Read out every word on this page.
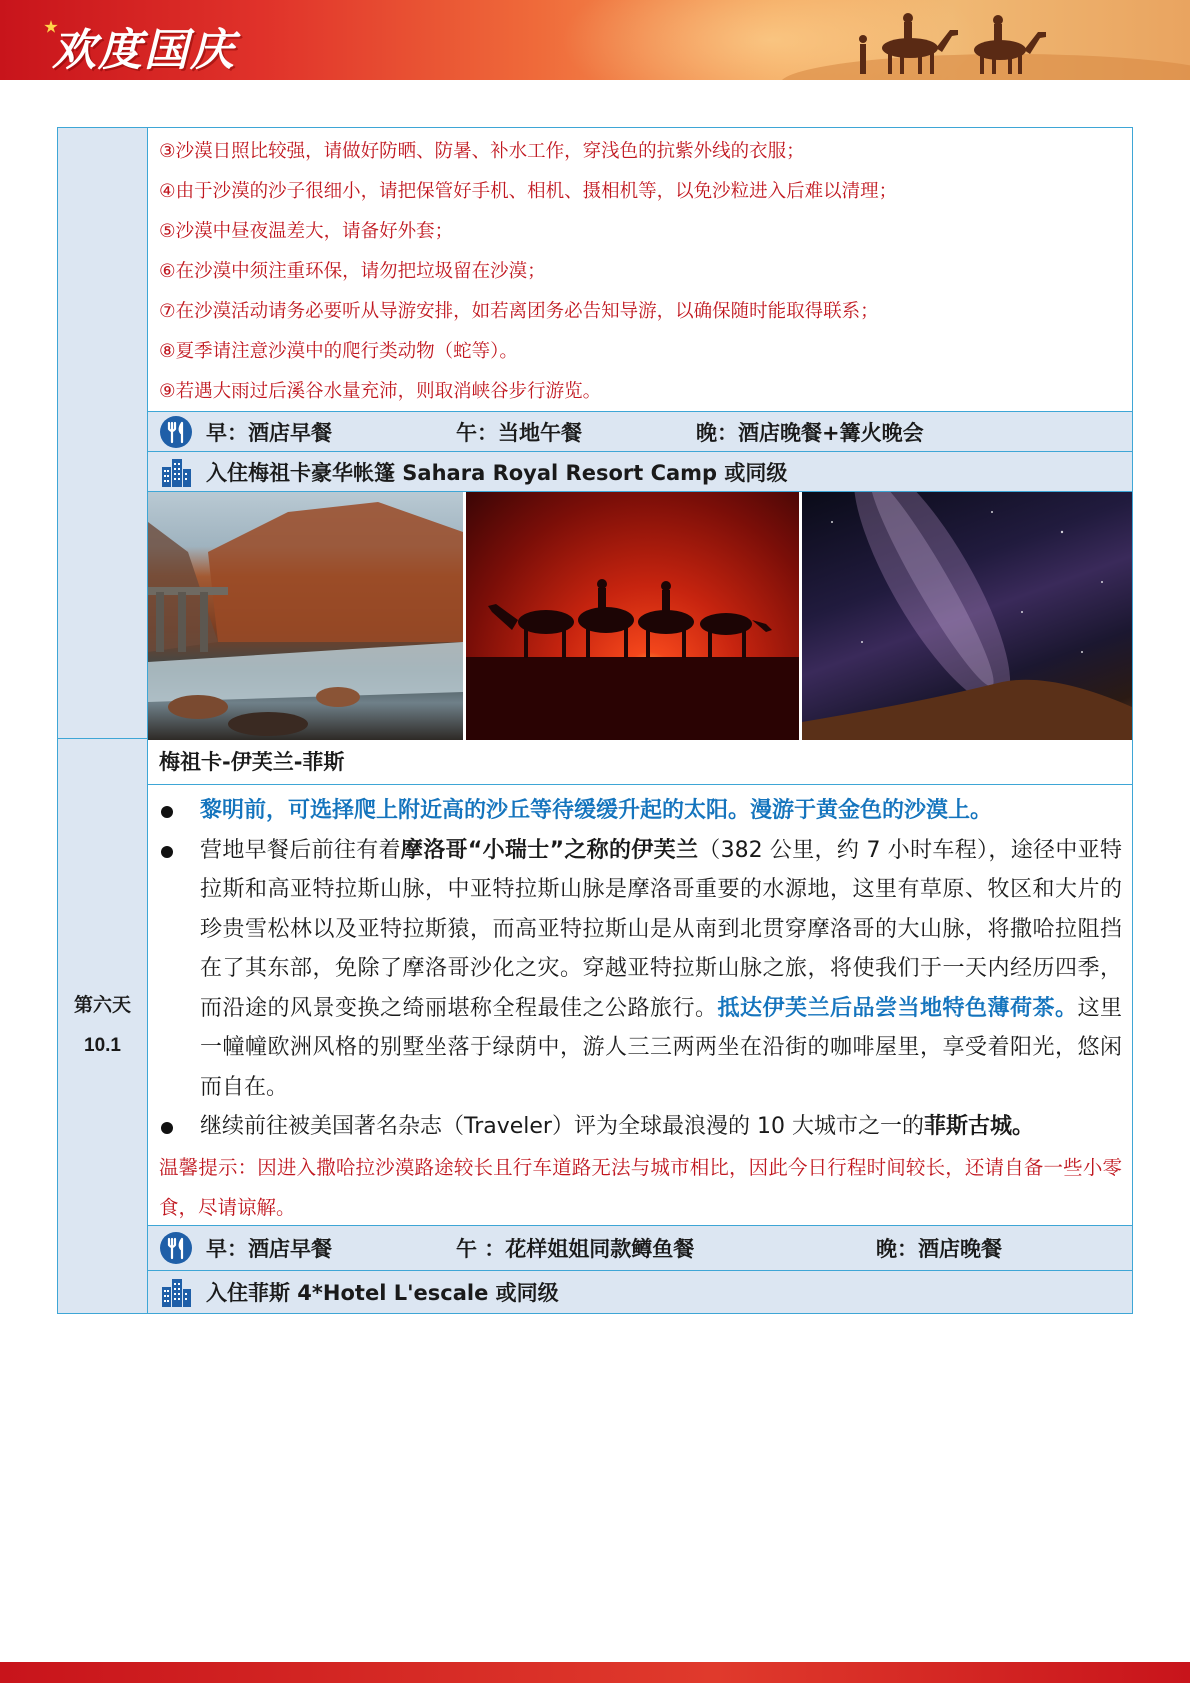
欢度国庆
第六天
10.1
③沙漠日照比较强，请做好防晒、防暑、补水工作，穿浅色的抗紫外线的衣服；
④由于沙漠的沙子很细小，请把保管好手机、相机、摄相机等，以免沙粒进入后难以清理；
⑤沙漠中昼夜温差大，请备好外套；
⑥在沙漠中须注重环保，请勿把垃圾留在沙漠；
⑦在沙漠活动请务必要听从导游安排，如若离团务必告知导游，以确保随时能取得联系；
⑧夏季请注意沙漠中的爬行类动物（蛇等）。
⑨若遇大雨过后溪谷水量充沛，则取消峡谷步行游览。
早：酒店早餐	午：当地午餐	晚：酒店晚餐+篝火晚会
入住梅祖卡豪华帐篷 Sahara Royal Resort Camp 或同级
梅祖卡-伊芙兰-菲斯
黎明前，可选择爬上附近高的沙丘等待缓缓升起的太阳。漫游于黄金色的沙漠上。
营地早餐后前往有着摩洛哥“小瑞士”之称的伊芙兰（382 公里，约 7 小时车程），途径中亚特拉斯和高亚特拉斯山脉，中亚特拉斯山脉是摩洛哥重要的水源地，这里有草原、牧区和大片的珍贵雪松林以及亚特拉斯猿，而高亚特拉斯山是从南到北贯穿摩洛哥的大山脉，将撒哈拉阻挡在了其东部，免除了摩洛哥沙化之灾。穿越亚特拉斯山脉之旅，将使我们于一天内经历四季，而沿途的风景变换之绮丽堪称全程最佳之公路旅行。抵达伊芙兰后品尝当地特色薄荷茶。这里一幢幢欧洲风格的别墅坐落于绿荫中，游人三三两两坐在沿街的咖啡屋里，享受着阳光，悠闲而自在。
继续前往被美国著名杂志（Traveler）评为全球最浪漫的 10 大城市之一的菲斯古城。
温馨提示：因进入撒哈拉沙漠路途较长且行车道路无法与城市相比，因此今日行程时间较长，还请自备一些小零食，尽请谅解。
早：酒店早餐	午 ：花样姐姐同款鳟鱼餐	晚：酒店晚餐
入住菲斯 4*Hotel L'escale 或同级
